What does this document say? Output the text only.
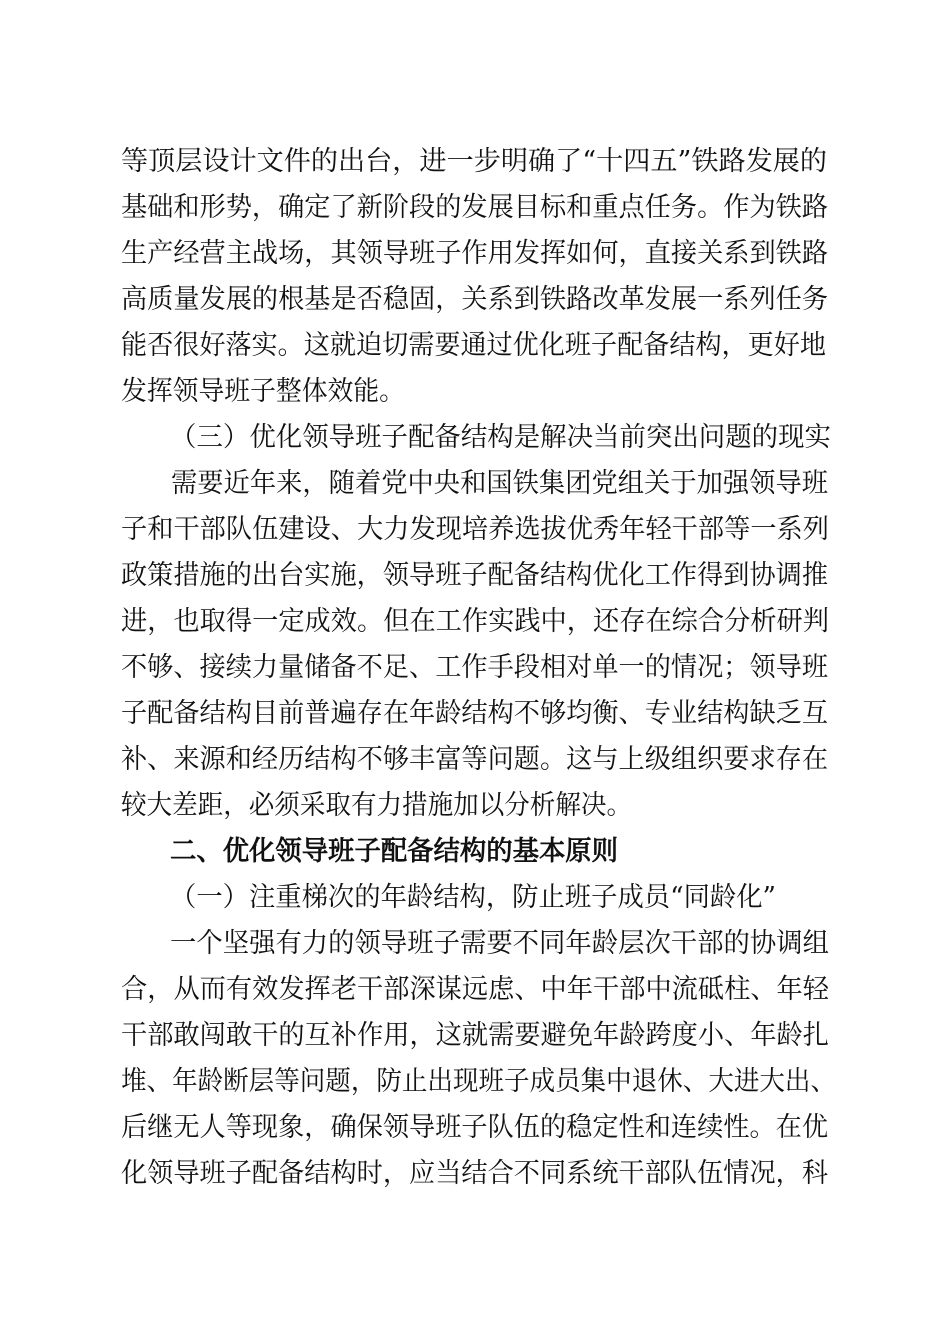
等顶层设计文件的出台，进一步明确了“十四五”铁路发展的
基础和形势，确定了新阶段的发展目标和重点任务。作为铁路
生产经营主战场，其领导班子作用发挥如何，直接关系到铁路
高质量发展的根基是否稳固，关系到铁路改革发展一系列任务
能否很好落实。这就迫切需要通过优化班子配备结构，更好地
发挥领导班子整体效能。
（三）优化领导班子配备结构是解决当前突出问题的现实
需要近年来，随着党中央和国铁集团党组关于加强领导班
子和干部队伍建设、大力发现培养选拔优秀年轻干部等一系列
政策措施的出台实施，领导班子配备结构优化工作得到协调推
进，也取得一定成效。但在工作实践中，还存在综合分析研判
不够、接续力量储备不足、工作手段相对单一的情况；领导班
子配备结构目前普遍存在年龄结构不够均衡、专业结构缺乏互
补、来源和经历结构不够丰富等问题。这与上级组织要求存在
较大差距，必须采取有力措施加以分析解决。
二、优化领导班子配备结构的基本原则
（一）注重梯次的年龄结构，防止班子成员“同龄化”
一个坚强有力的领导班子需要不同年龄层次干部的协调组
合，从而有效发挥老干部深谋远虑、中年干部中流砥柱、年轻
干部敢闯敢干的互补作用，这就需要避免年龄跨度小、年龄扎
堆、年龄断层等问题，防止出现班子成员集中退休、大进大出、
后继无人等现象，确保领导班子队伍的稳定性和连续性。在优
化领导班子配备结构时，应当结合不同系统干部队伍情况，科
